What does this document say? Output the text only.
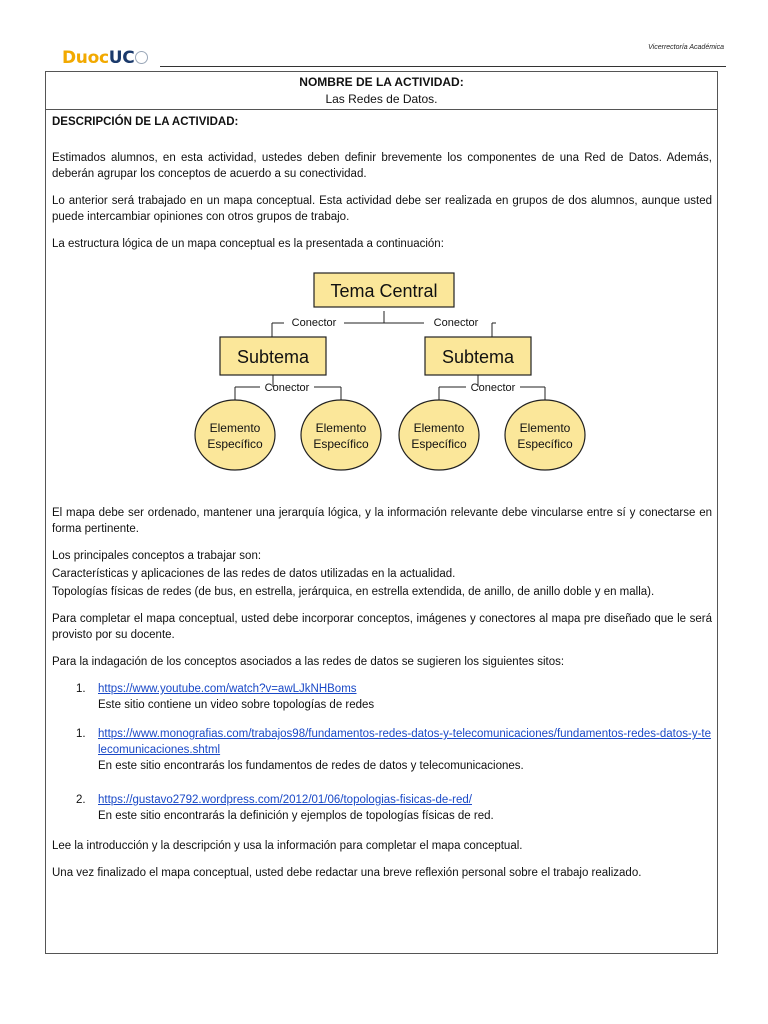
DuocUC
Vicerrectoría Académica
NOMBRE DE LA ACTIVIDAD:
Las Redes de Datos.

DESCRIPCIÓN DE LA ACTIVIDAD:

Estimados alumnos, en esta actividad, ustedes deben definir brevemente los componentes de una Red de Datos. Además, deberán agrupar los conceptos de acuerdo a su conectividad.

Lo anterior será trabajado en un mapa conceptual. Esta actividad debe ser realizada en grupos de dos alumnos, aunque usted puede intercambiar opiniones con otros grupos de trabajo.

La estructura lógica de un mapa conceptual es la presentada a continuación:

Tema Central
Conector	Conector
Subtema	Subtema
Conector	Conector
Elemento
Específico
Elemento
Específico
Elemento
Específico
Elemento
Específico

El mapa debe ser ordenado, mantener una jerarquía lógica, y la información relevante debe vincularse entre sí y conectarse en forma pertinente.

Los principales conceptos a trabajar son:

Características y aplicaciones de las redes de datos utilizadas en la actualidad.

Topologías físicas de redes (de bus, en estrella, jerárquica, en estrella extendida, de anillo, de anillo doble y en malla).

Para completar el mapa conceptual, usted debe incorporar conceptos, imágenes y conectores al mapa pre diseñado que le será provisto por su docente.

Para la indagación de los conceptos asociados a las redes de datos se sugieren los siguientes sitos:

1. https://www.youtube.com/watch?v=awLJkNHBoms
Este sitio contiene un video sobre topologías de redes
1. https://www.monografias.com/trabajos98/fundamentos-redes-datos-y-telecomunicaciones/fundamentos-redes-datos-y-telecomunicaciones.shtml
En este sitio encontrarás los fundamentos de redes de datos y telecomunicaciones.
2. https://gustavo2792.wordpress.com/2012/01/06/topologias-fisicas-de-red/
En este sitio encontrarás la definición y ejemplos de topologías físicas de red.

Lee la introducción y la descripción y usa la información para completar el mapa conceptual.

Una vez finalizado el mapa conceptual, usted debe redactar una breve reflexión personal sobre el trabajo realizado.
